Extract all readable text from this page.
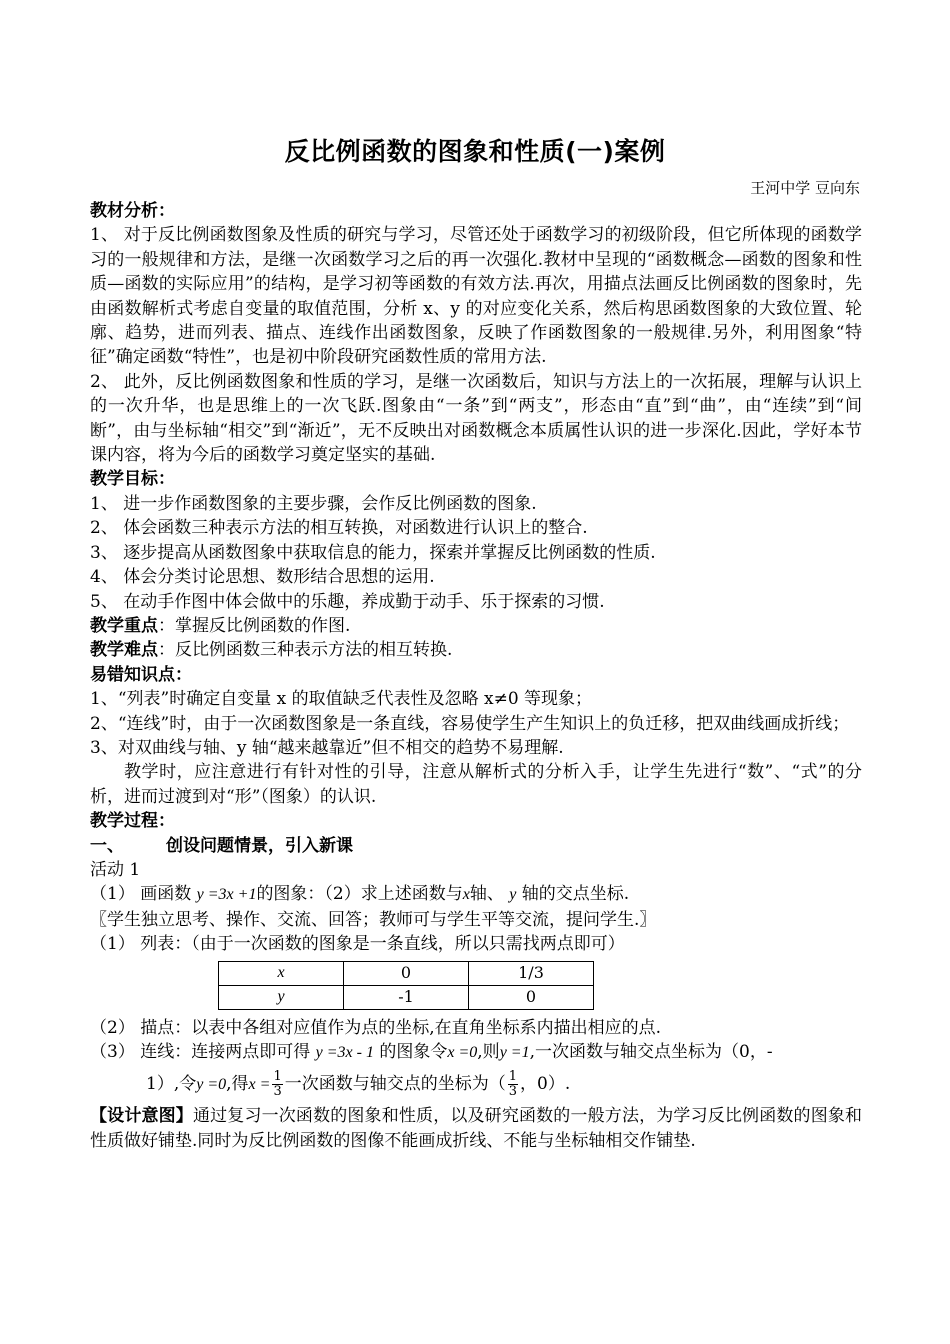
反比例函数的图象和性质(一)案例
王河中学 豆向东

教材分析：

1、 对于反比例函数图象及性质的研究与学习，尽管还处于函数学习的初级阶段，但它所体现的函数学习的一般规律和方法，是继一次函数学习之后的再一次强化.教材中呈现的“函数概念—函数的图象和性质—函数的实际应用”的结构，是学习初等函数的有效方法.再次，用描点法画反比例函数的图象时，先由函数解析式考虑自变量的取值范围，分析 x、y 的对应变化关系，然后构思函数图象的大致位置、轮廓、趋势，进而列表、描点、连线作出函数图象，反映了作函数图象的一般规律.另外，利用图象“特征”确定函数“特性”，也是初中阶段研究函数性质的常用方法.

2、 此外，反比例函数图象和性质的学习，是继一次函数后，知识与方法上的一次拓展，理解与认识上的一次升华，也是思维上的一次飞跃.图象由“一条”到“两支”，形态由“直”到“曲”，由“连续”到“间断”，由与坐标轴“相交”到“渐近”，无不反映出对函数概念本质属性认识的进一步深化.因此，学好本节课内容，将为今后的函数学习奠定坚实的基础.

教学目标：

1、 进一步作函数图象的主要步骤，会作反比例函数的图象.

2、 体会函数三种表示方法的相互转换，对函数进行认识上的整合.

3、 逐步提高从函数图象中获取信息的能力，探索并掌握反比例函数的性质.

4、 体会分类讨论思想、数形结合思想的运用.

5、 在动手作图中体会做中的乐趣，养成勤于动手、乐于探索的习惯.

教学重点：掌握反比例函数的作图.

教学难点：反比例函数三种表示方法的相互转换.

易错知识点：

1、“列表”时确定自变量 x 的取值缺乏代表性及忽略 x≠0 等现象；

2、“连线”时，由于一次函数图象是一条直线，容易使学生产生知识上的负迁移，把双曲线画成折线；

3、对双曲线与轴、y 轴“越来越靠近”但不相交的趋势不易理解.

教学时，应注意进行有针对性的引导，注意从解析式的分析入手，让学生先进行“数”、“式”的分析，进而过渡到对“形”（图象）的认识.

教学过程：

一、 创设问题情景，引入新课

活动 1

（1） 画函数 y =3x +1的图象：（2）求上述函数与x轴、 y 轴的交点坐标.

〖学生独立思考、操作、交流、回答；教师可与学生平等交流，提问学生.〗

（1） 列表：（由于一次函数的图象是一条直线，所以只需找两点即可）

x	0	1/3
y	-1	0

（2） 描点：以表中各组对应值作为点的坐标,在直角坐标系内描出相应的点.

（3） 连线：连接两点即可得 y =3x - 1 的图象令x =0,则y =1,一次函数与轴交点坐标为（0，-

1）,令y =0,得$x = \frac{1}{3}$ 一次函数与轴交点的坐标为（ $\frac{1}{3}$ ，0）.

【设计意图】通过复习一次函数的图象和性质，以及研究函数的一般方法，为学习反比例函数的图象和性质做好铺垫.同时为反比例函数的图像不能画成折线、不能与坐标轴相交作铺垫.
